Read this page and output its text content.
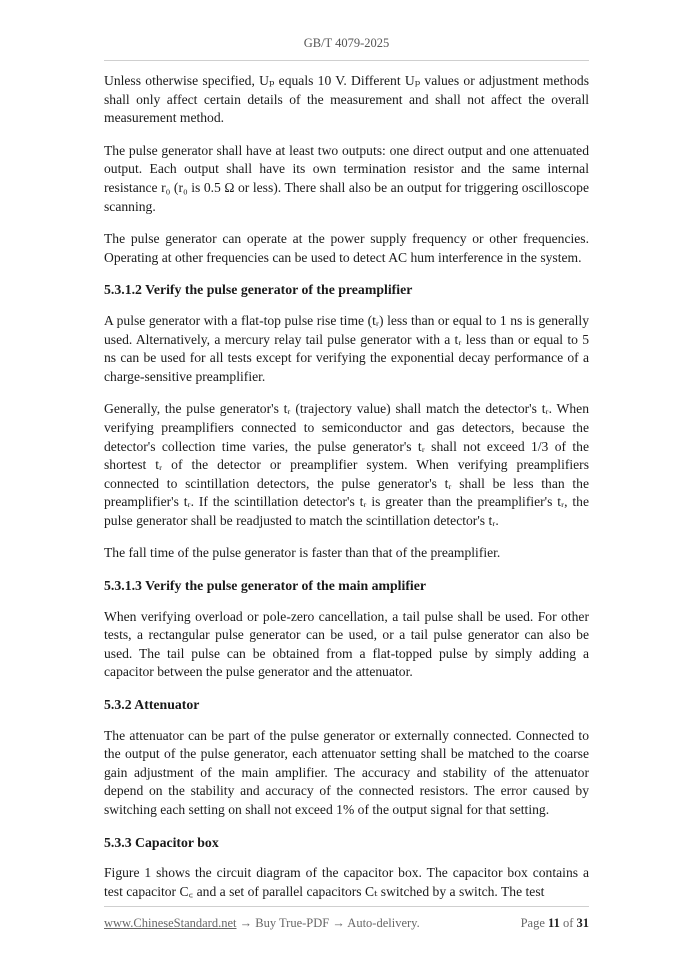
GB/T 4079-2025

Unless otherwise specified, Uₚ equals 10 V. Different Uₚ values or adjustment methods shall only affect certain details of the measurement and shall not affect the overall measurement method.

The pulse generator shall have at least two outputs: one direct output and one attenuated output. Each output shall have its own termination resistor and the same internal resistance r₀ (r₀ is 0.5 Ω or less). There shall also be an output for triggering oscilloscope scanning.

The pulse generator can operate at the power supply frequency or other frequencies. Operating at other frequencies can be used to detect AC hum interference in the system.

5.3.1.2 Verify the pulse generator of the preamplifier

A pulse generator with a flat-top pulse rise time (tᵣ) less than or equal to 1 ns is generally used. Alternatively, a mercury relay tail pulse generator with a tᵣ less than or equal to 5 ns can be used for all tests except for verifying the exponential decay performance of a charge-sensitive preamplifier.

Generally, the pulse generator's tᵣ (trajectory value) shall match the detector's tᵣ. When verifying preamplifiers connected to semiconductor and gas detectors, because the detector's collection time varies, the pulse generator's tᵣ shall not exceed 1/3 of the shortest tᵣ of the detector or preamplifier system. When verifying preamplifiers connected to scintillation detectors, the pulse generator's tᵣ shall be less than the preamplifier's tᵣ. If the scintillation detector's tᵣ is greater than the preamplifier's tᵣ, the pulse generator shall be readjusted to match the scintillation detector's tᵣ.

The fall time of the pulse generator is faster than that of the preamplifier.

5.3.1.3 Verify the pulse generator of the main amplifier

When verifying overload or pole-zero cancellation, a tail pulse shall be used. For other tests, a rectangular pulse generator can be used, or a tail pulse generator can also be used. The tail pulse can be obtained from a flat-topped pulse by simply adding a capacitor between the pulse generator and the attenuator.

5.3.2 Attenuator

The attenuator can be part of the pulse generator or externally connected. Connected to the output of the pulse generator, each attenuator setting shall be matched to the coarse gain adjustment of the main amplifier. The accuracy and stability of the attenuator depend on the stability and accuracy of the connected resistors. The error caused by switching each setting on shall not exceed 1% of the output signal for that setting.

5.3.3 Capacitor box

Figure 1 shows the circuit diagram of the capacitor box. The capacitor box contains a test capacitor C꜀ and a set of parallel capacitors Cₜ switched by a switch. The test

www.ChineseStandard.net → Buy True-PDF → Auto-delivery.	Page 11 of 31
